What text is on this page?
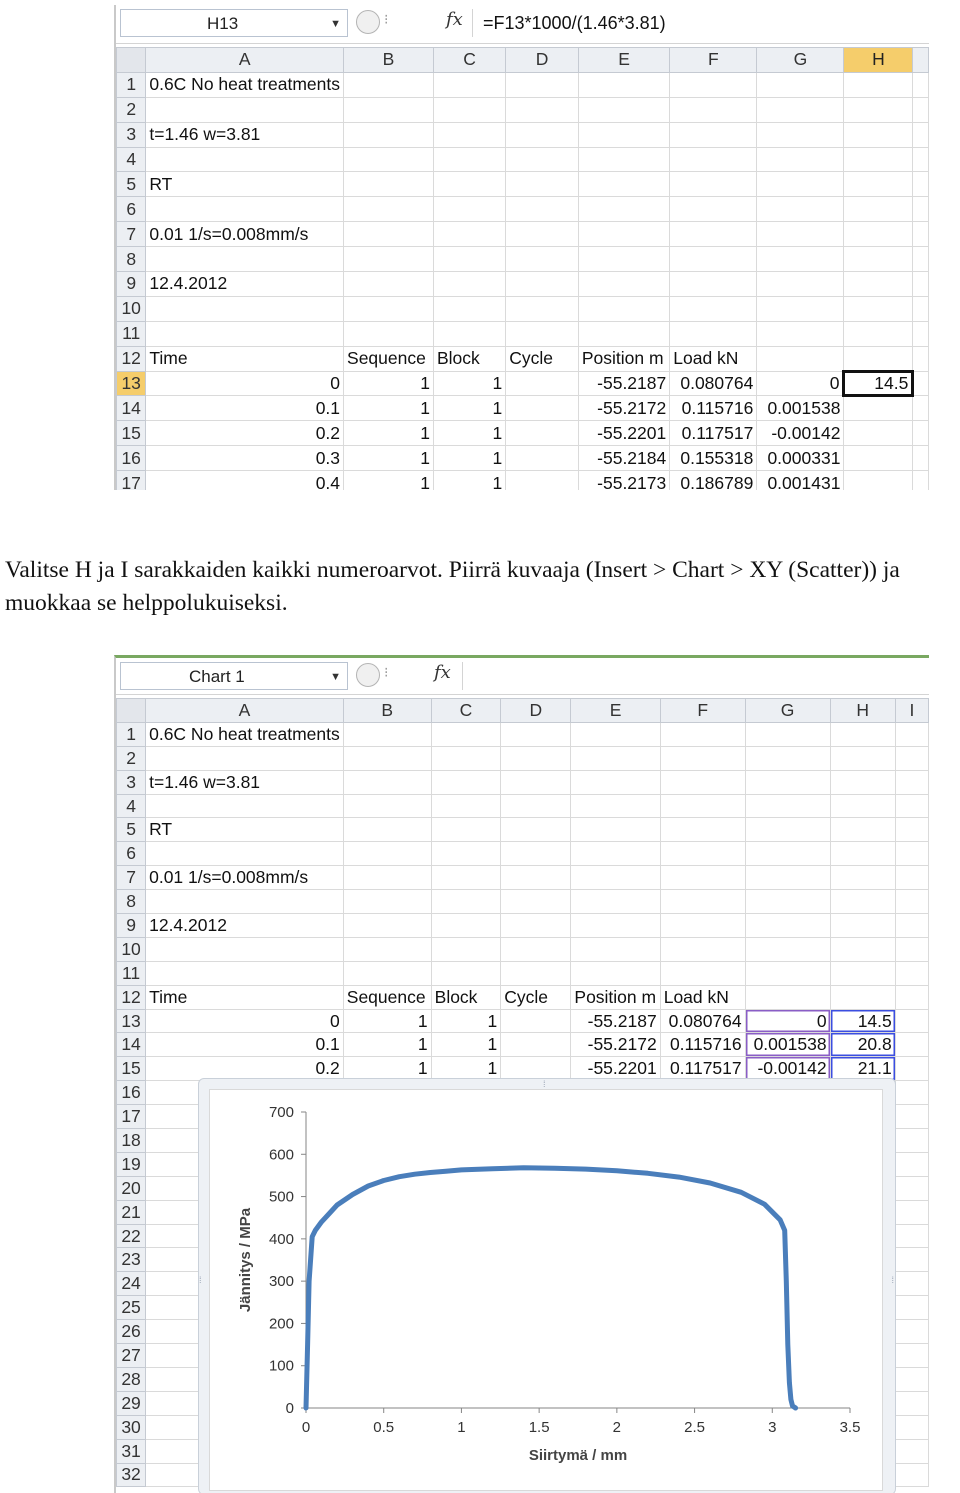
H13	▼	⁝	fx	=F13*1000/(1.46*3.81)
	A	B	C	D	E	F	G	H	
1	0.6C No heat treatments								
2									
3	t=1.46 w=3.81								
4									
5	RT								
6									
7	0.01 1/s=0.008mm/s								
8									
9	12.4.2012								
10									
11									
12	Time	Sequence	Block	Cycle	Position m	Load kN			
13	0	1	1		-55.2187	0.080764	0	14.5	
14	0.1	1	1		-55.2172	0.115716	0.001538		
15	0.2	1	1		-55.2201	0.117517	-0.00142		
16	0.3	1	1		-55.2184	0.155318	0.000331		
17	0.4	1	1		-55.2173	0.186789	0.001431		

Valitse H ja I sarakkaiden kaikki numeroarvot. Piirrä kuvaaja (Insert > Chart > XY (Scatter)) ja muokkaa se helppolukuiseksi.

Chart 1	▼	⁝ fx
	A	B	C	D	E	F	G	H	I
1	0.6C No heat treatments								
2									
3	t=1.46 w=3.81								
4									
5	RT								
6									
7	0.01 1/s=0.008mm/s								
8									
9	12.4.2012								
10									
11									
12	Time	Sequence	Block	Cycle	Position m	Load kN			
13	0	1	1		-55.2187	0.080764	0	14.5	
14	0.1	1	1		-55.2172	0.115716	0.001538	20.8	
15	0.2	1	1		-55.2201	0.117517	-0.00142	21.1	
16									
17									
18									
19									
20									
21									
22									
23									
24									
25									
26									
27									
28									
29									
30									
31									
32									
⁞
⁞	⁞
0
100
200
300
400
500
600
700
0	0.5	1	1.5	2	2.5	3	3.5
Siirtymä / mm
Jännitys / MPa
